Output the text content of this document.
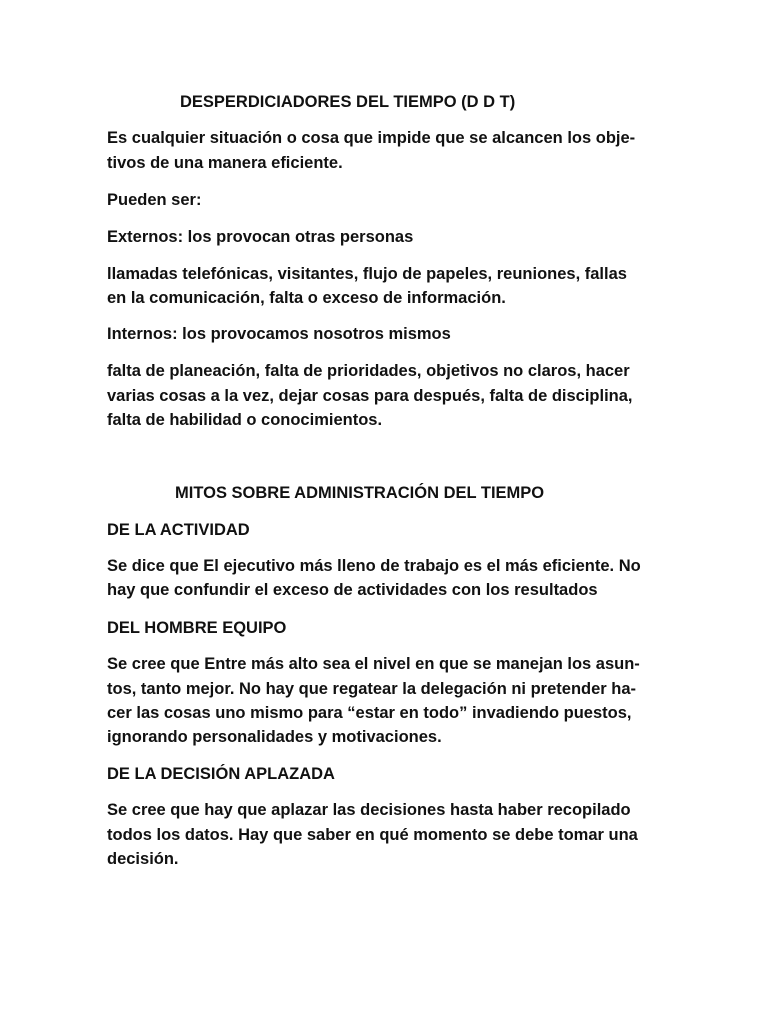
DESPERDICIADORES DEL TIEMPO (D D T)
Es cualquier situación o cosa que impide que se alcancen los obje-
tivos de una manera eficiente.
Pueden ser:
Externos: los provocan otras personas
llamadas telefónicas, visitantes, flujo de papeles, reuniones, fallas
en la comunicación, falta o exceso de información.
Internos: los provocamos nosotros mismos
falta de planeación, falta de prioridades, objetivos no claros, hacer
varias cosas a la vez, dejar cosas para después, falta de disciplina,
falta de habilidad o conocimientos.
MITOS SOBRE ADMINISTRACIÓN DEL TIEMPO
DE LA ACTIVIDAD
Se dice que El ejecutivo más lleno de trabajo es el más eficiente. No
hay que confundir el exceso de actividades con los resultados
DEL HOMBRE EQUIPO
Se cree que Entre más alto sea el nivel en que se manejan los asun-
tos, tanto mejor. No hay que regatear la delegación ni pretender ha-
cer las cosas uno mismo para “estar en todo” invadiendo puestos,
ignorando personalidades y motivaciones.
DE LA DECISIÓN APLAZADA
Se cree que hay que aplazar las decisiones hasta haber recopilado
todos los datos. Hay que saber en qué momento se debe tomar una
decisión.
